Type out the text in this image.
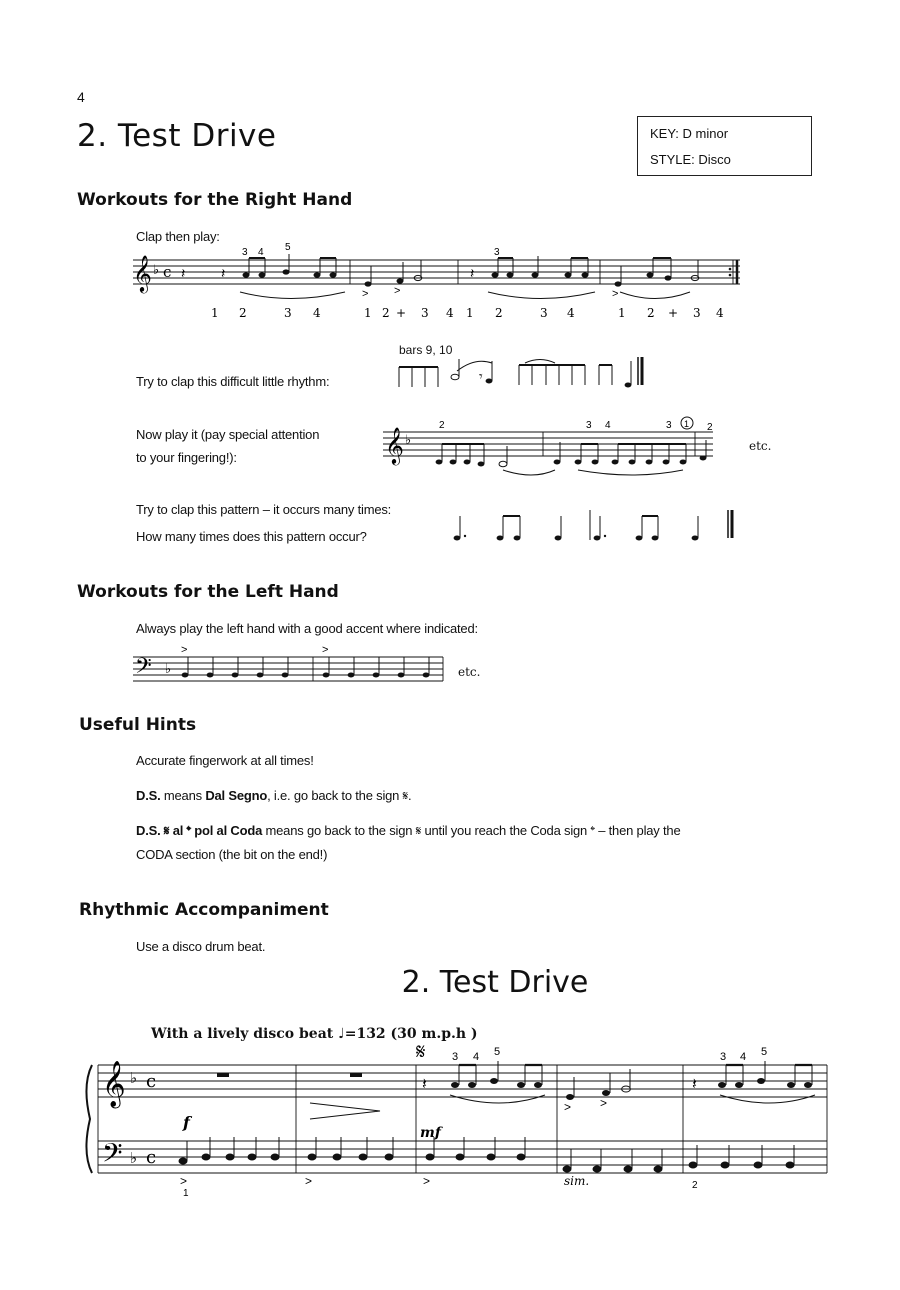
4
2. Test Drive	KEY: D minor
STYLE: Disco
Workouts for the Right Hand
Clap then play:
𝄞 ♭ c 𝄽	𝄽	𝄽
> >	>
3 4 5	3
1 2	3 4	1 2 + 3 4 1 2	3 4	1 2 + 3 4
bars 9, 10
Try to clap this difficult little rhythm:	𝄾
Now play it (pay special attention
to your fingering!):	𝄞 ♭
2	3 4	3 1 2
etc.
Try to clap this pattern – it occurs many times:
How many times does this pattern occur?
Workouts for the Left Hand
Always play the left hand with a good accent where indicated:
𝄢 ♭
>	>
etc.
Useful Hints
Accurate fingerwork at all times!
D.S. means Dal Segno, i.e. go back to the sign 𝄋.
D.S. 𝄋 al 𝄌 pol al Coda means go back to the sign 𝄋 until you reach the Coda sign 𝄌 – then play the
CODA section (the bit on the end!)
Rhythmic Accompaniment
Use a disco drum beat.
2. Test Drive
With a lively disco beat ♩=132 (30 m.p.h )
𝄞 ♭ c
𝄢 ♭ c
f
mf
𝄋
𝄽	𝄽
> >
3 4 5	3 4 5
>	>	>	sim.
1
2
